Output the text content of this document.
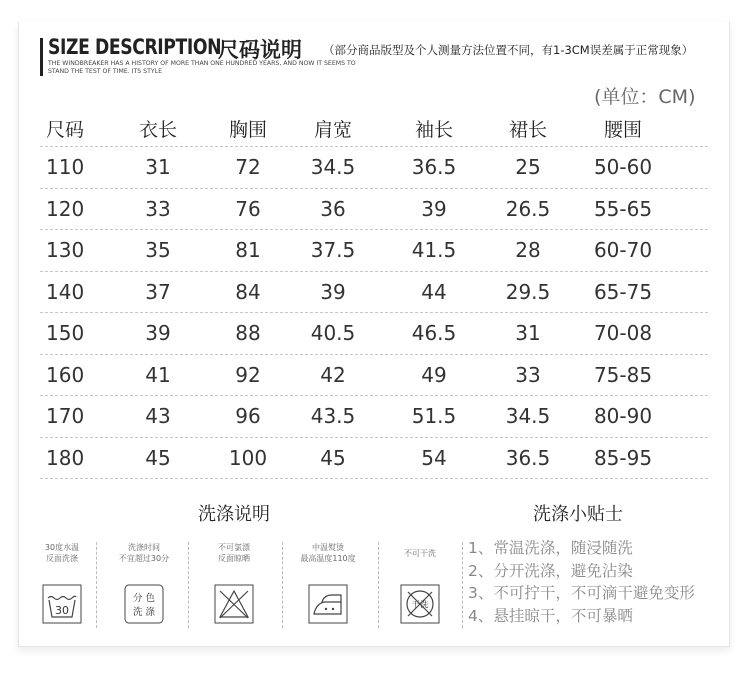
SIZE DESCRIPTION
尺码说明 （部分商品版型及个人测量方法位置不同，有1-3CM误差属于正常现象）
THE WINDBREAKER HAS A HISTORY OF MORE THAN ONE HUNDRED YEARS, AND NOW IT SEEMS TO
STAND THE TEST OF TIME. ITS STYLE
(单位：CM)
尺码	衣长	胸围	肩宽	袖长	裙长	腰围
110	31	72	34.5	36.5	25	50-60
120	33	76	36	39	26.5	55-65
130	35	81	37.5	41.5	28	60-70
140	37	84	39	44	29.5	65-75
150	39	88	40.5	46.5	31	70-08
160	41	92	42	49	33	75-85
170	43	96	43.5	51.5	34.5	80-90
180	45	100	45	54	36.5	85-95
洗涤说明	洗涤小贴士
30度水温
反面洗涤
30
洗涤时间
不宜超过30分
分 色
洗 涤
不可氯漂
反面晾晒
中温熨烫
最高温度110度
不可干洗
干洗
1、常温洗涤，随浸随洗
2、分开洗涤，避免沾染
3、不可拧干，不可滴干避免变形
4、悬挂晾干，不可暴晒
